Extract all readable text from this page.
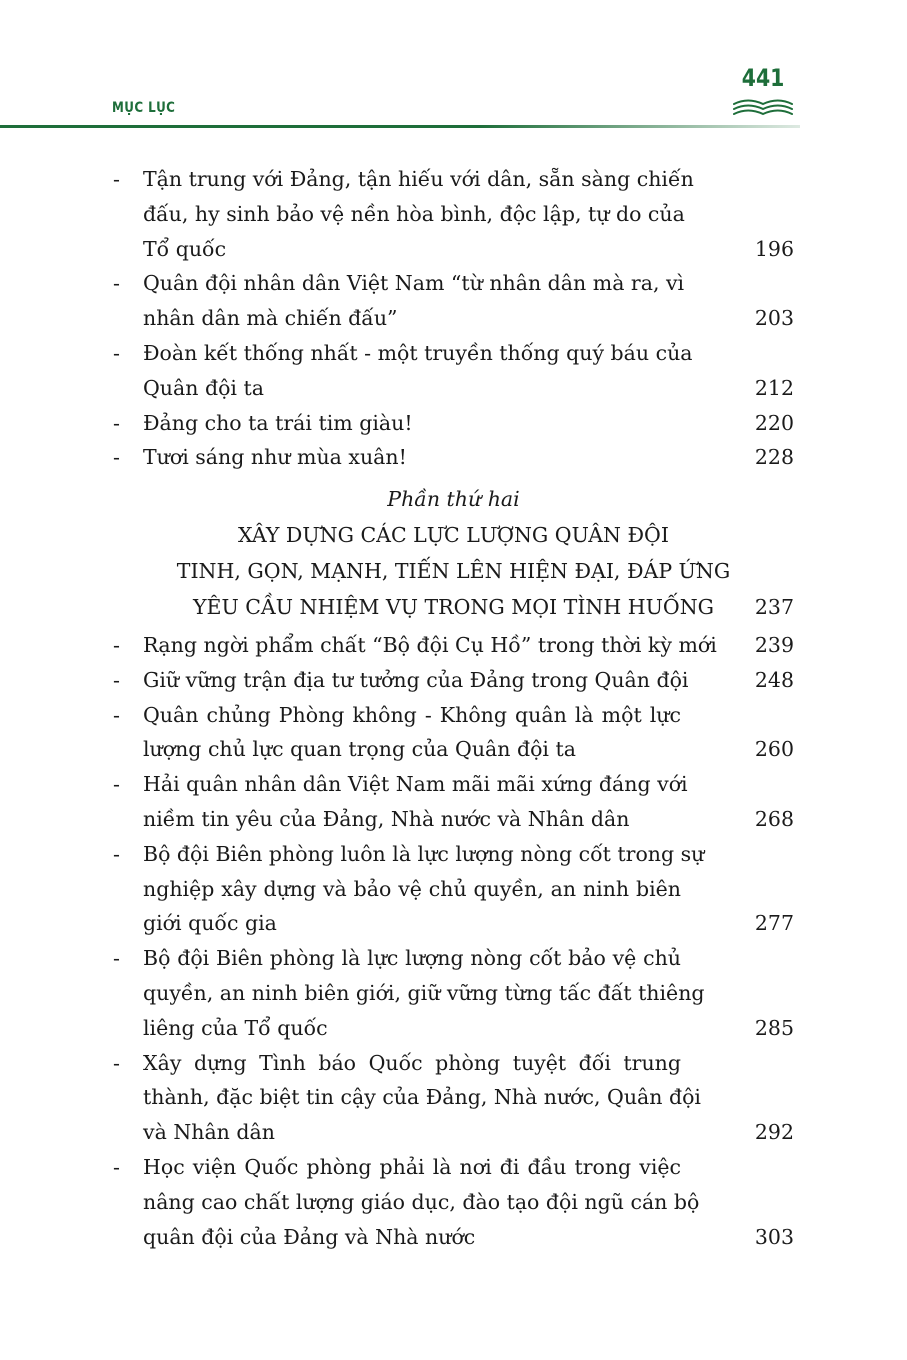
MỤC LỤC
441
- Tận trung với Đảng, tận hiếu với dân, sẵn sàng chiến
đấu, hy sinh bảo vệ nền hòa bình, độc lập, tự do của
Tổ quốc	196
- Quân đội nhân dân Việt Nam “từ nhân dân mà ra, vì
nhân dân mà chiến đấu”	203
- Đoàn kết thống nhất - một truyền thống quý báu của
Quân đội ta	212
- Đảng cho ta trái tim giàu!	220
- Tươi sáng như mùa xuân!	228
Phần thứ hai
XÂY DỰNG CÁC LỰC LƯỢNG QUÂN ĐỘI
TINH, GỌN, MẠNH, TIẾN LÊN HIỆN ĐẠI, ĐÁP ỨNG
YÊU CẦU NHIỆM VỤ TRONG MỌI TÌNH HUỐNG	237
- Rạng ngời phẩm chất “Bộ đội Cụ Hồ” trong thời kỳ mới 239
- Giữ vững trận địa tư tưởng của Đảng trong Quân đội	248
- Quân chủng Phòng không - Không quân là một lực
lượng chủ lực quan trọng của Quân đội ta	260
- Hải quân nhân dân Việt Nam mãi mãi xứng đáng với
niềm tin yêu của Đảng, Nhà nước và Nhân dân	268
- Bộ đội Biên phòng luôn là lực lượng nòng cốt trong sự
nghiệp xây dựng và bảo vệ chủ quyền, an ninh biên
giới quốc gia	277
- Bộ đội Biên phòng là lực lượng nòng cốt bảo vệ chủ
quyền, an ninh biên giới, giữ vững từng tấc đất thiêng
liêng của Tổ quốc	285
- Xây dựng Tình báo Quốc phòng tuyệt đối trung
thành, đặc biệt tin cậy của Đảng, Nhà nước, Quân đội
và Nhân dân	292
- Học viện Quốc phòng phải là nơi đi đầu trong việc
nâng cao chất lượng giáo dục, đào tạo đội ngũ cán bộ
quân đội của Đảng và Nhà nước	303
